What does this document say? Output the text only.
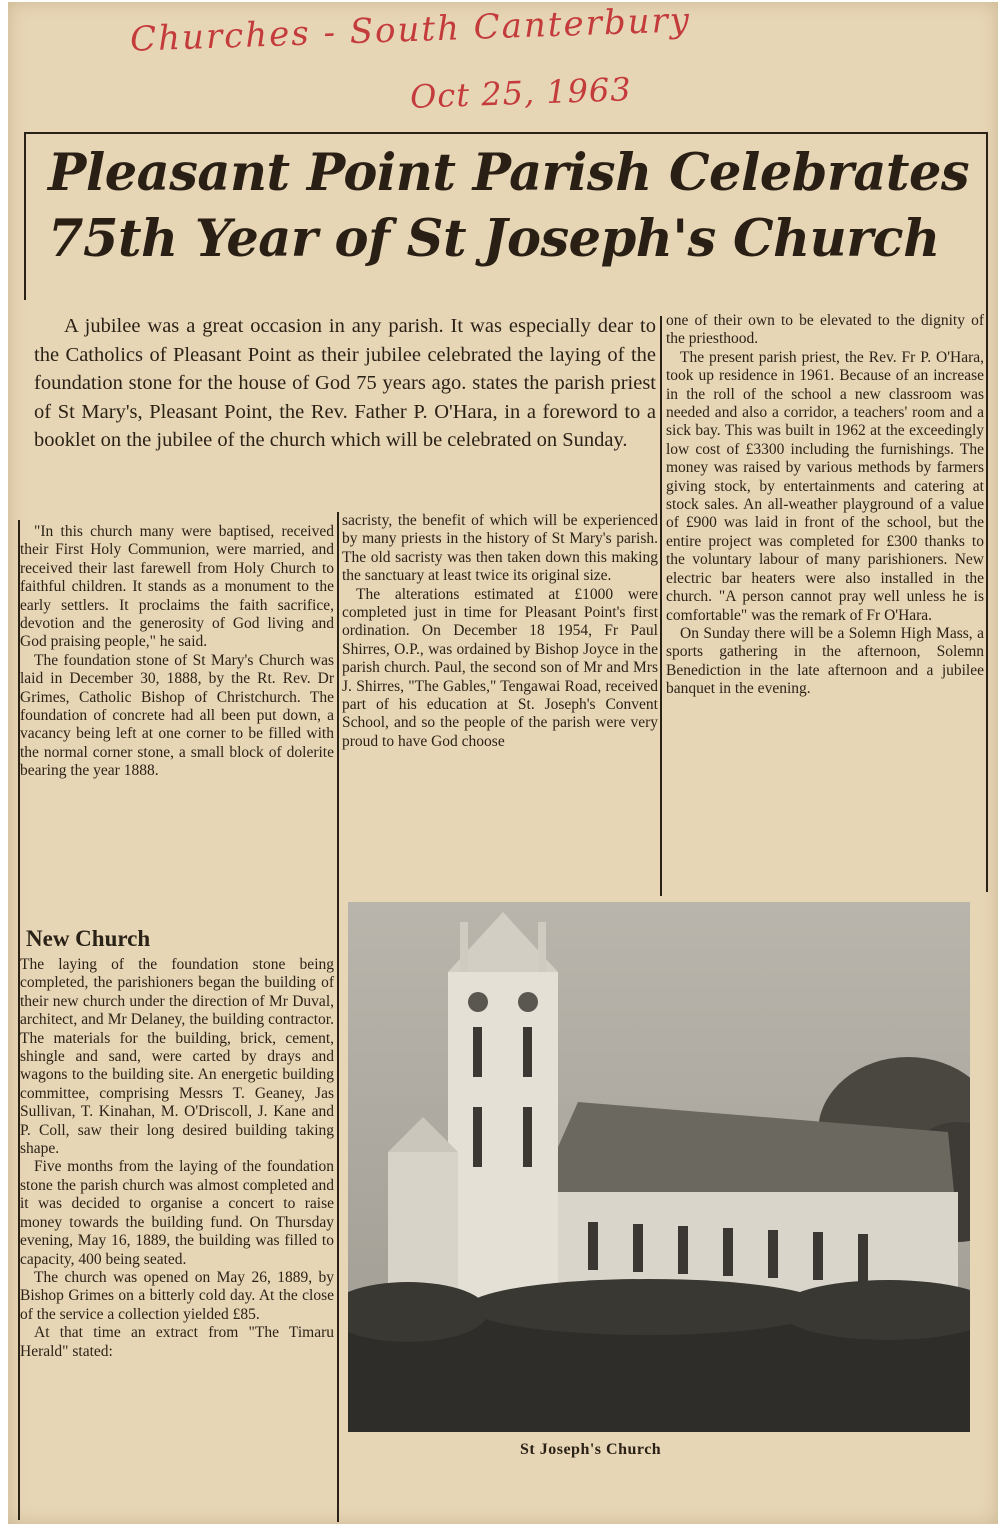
Churches - South Canterbury
Oct 25, 1963
Pleasant Point Parish Celebrates
75th Year of St Joseph's Church

A jubilee was a great occasion in any parish. It was especially dear to the Catholics of Pleasant Point as their jubilee celebrated the laying of the foundation stone for the house of God 75 years ago. states the parish priest of St Mary's, Pleasant Point, the Rev. Father P. O'Hara, in a foreword to a booklet on the jubilee of the church which will be celebrated on Sunday.

"In this church many were baptised, received their First Holy Communion, were married, and received their last farewell from Holy Church to faithful children. It stands as a monument to the early settlers. It proclaims the faith sacrifice, devotion and the generosity of God living and God praising people," he said.

The foundation stone of St Mary's Church was laid in December 30, 1888, by the Rt. Rev. Dr Grimes, Catholic Bishop of Christchurch. The foundation of concrete had all been put down, a vacancy being left at one corner to be filled with the normal corner stone, a small block of dolerite bearing the year 1888.

New Church

The laying of the foundation stone being completed, the parishioners began the building of their new church under the direction of Mr Duval, architect, and Mr Delaney, the building contractor. The materials for the building, brick, cement, shingle and sand, were carted by drays and wagons to the building site. An energetic building committee, comprising Messrs T. Geaney, Jas Sullivan, T. Kinahan, M. O'Driscoll, J. Kane and P. Coll, saw their long desired building taking shape.

Five months from the laying of the foundation stone the parish church was almost completed and it was decided to organise a concert to raise money towards the building fund. On Thursday evening, May 16, 1889, the building was filled to capacity, 400 being seated.

The church was opened on May 26, 1889, by Bishop Grimes on a bitterly cold day. At the close of the service a collection yielded £85.

At that time an extract from "The Timaru Herald" stated:

sacristy, the benefit of which will be experienced by many priests in the history of St Mary's parish. The old sacristy was then taken down this making the sanctuary at least twice its original size.

The alterations estimated at £1000 were completed just in time for Pleasant Point's first ordination. On December 18 1954, Fr Paul Shirres, O.P., was ordained by Bishop Joyce in the parish church. Paul, the second son of Mr and Mrs J. Shirres, "The Gables," Tengawai Road, received part of his education at St. Joseph's Convent School, and so the people of the parish were very proud to have God choose

one of their own to be elevated to the dignity of the priesthood.

The present parish priest, the Rev. Fr P. O'Hara, took up residence in 1961. Because of an increase in the roll of the school a new classroom was needed and also a corridor, a teachers' room and a sick bay. This was built in 1962 at the exceedingly low cost of £3300 including the furnishings. The money was raised by various methods by farmers giving stock, by entertainments and catering at stock sales. An all-weather playground of a value of £900 was laid in front of the school, but the entire project was completed for £300 thanks to the voluntary labour of many parishioners. New electric bar heaters were also installed in the church. "A person cannot pray well unless he is comfortable" was the remark of Fr O'Hara.

On Sunday there will be a Solemn High Mass, a sports gathering in the afternoon, Solemn Benediction in the late afternoon and a jubilee banquet in the evening.

St Joseph's Church
